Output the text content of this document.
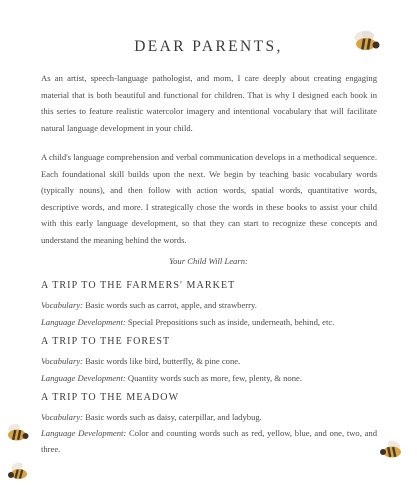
DEAR PARENTS,

As an artist, speech-language pathologist, and mom, I care deeply about creating engaging material that is both beautiful and functional for children. That is why I designed each book in this series to feature realistic watercolor imagery and intentional vocabulary that will facilitate natural language development in your child.

A child's language comprehension and verbal communication develops in a methodical sequence. Each foundational skill builds upon the next. We begin by teaching basic vocabulary words (typically nouns), and then follow with action words, spatial words, quantitative words, descriptive words, and more. I strategically chose the words in these books to assist your child with this early language development, so that they can start to recognize these concepts and understand the meaning behind the words.

Your Child Will Learn:
A TRIP TO THE FARMERS' MARKET

Vocabulary: Basic words such as carrot, apple, and strawberry.

Language Development: Special Prepositions such as inside, underneath, behind, etc.

A TRIP TO THE FOREST

Vocabulary: Basic words like bird, butterfly, & pine cone.

Language Development: Quantity words such as more, few, plenty, & none.

A TRIP TO THE MEADOW

Vocabulary: Basic words such as daisy, caterpillar, and ladybug.

Language Development: Color and counting words such as red, yellow, blue, and one, two, and three.
